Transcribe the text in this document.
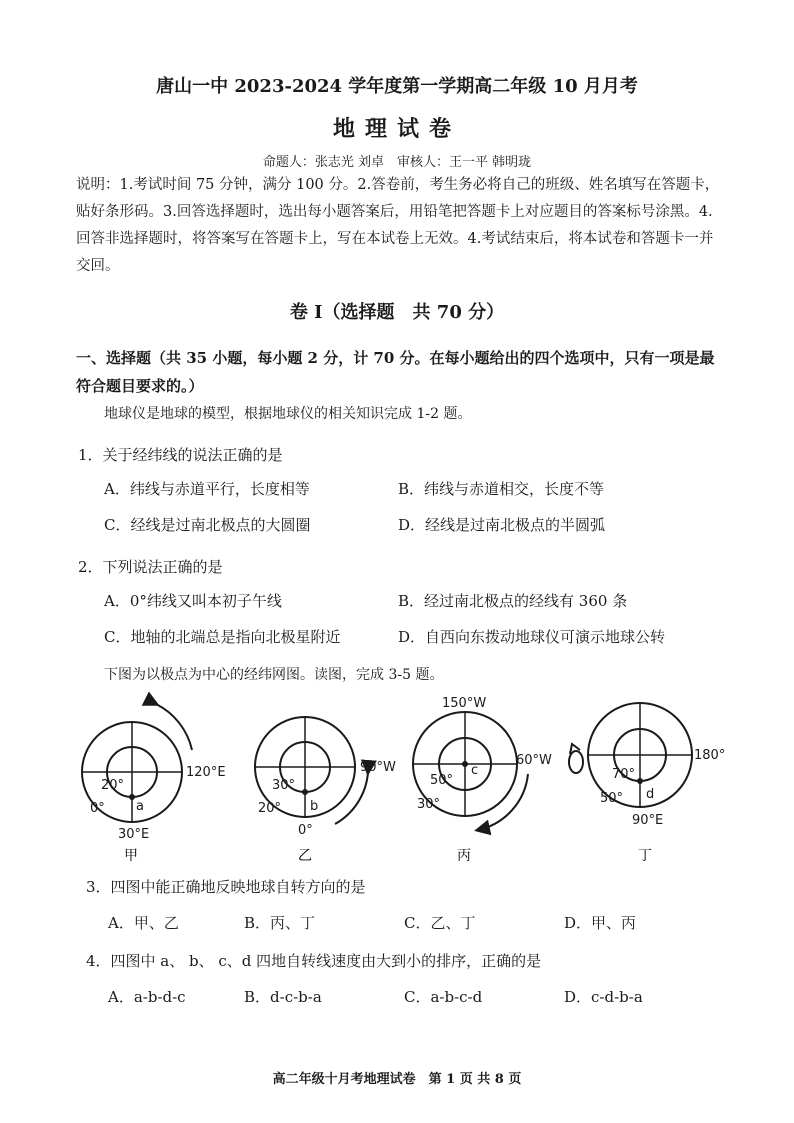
唐山一中 2023-2024 学年度第一学期高二年级 10 月月考
地理试卷
命题人：张志光 刘卓　审核人：王一平 韩明珑
说明：1.考试时间 75 分钟，满分 100 分。2.答卷前，考生务必将自己的班级、姓名填写在答题卡，贴好条形码。3.回答选择题时，选出每小题答案后，用铅笔把答题卡上对应题目的答案标号涂黑。4.回答非选择题时，将答案写在答题卡上，写在本试卷上无效。4.考试结束后，将本试卷和答题卡一并交回。
卷 I（选择题　共 70 分）
一、选择题（共 35 小题，每小题 2 分，计 70 分。在每小题给出的四个选项中，只有一项是最符合题目要求的。）
地球仪是地球的模型，根据地球仪的相关知识完成 1-2 题。
1．关于经纬线的说法正确的是
A．纬线与赤道平行，长度相等	B．纬线与赤道相交，长度不等
C．经线是过南北极点的大圆圈	D．经线是过南北极点的半圆弧
2．下列说法正确的是
A．0°纬线又叫本初子午线	B．经过南北极点的经线有 360 条
C．地轴的北端总是指向北极星附近	D．自西向东拨动地球仪可演示地球公转
下图为以极点为中心的经纬网图。读图，完成 3-5 题。
20°
0° a
30°E
120°E
甲
30°
20° b
0°
90°W
乙
150°W
60°W
c
50°
30°
丙
180°
70°
50° d
90°E
丁
3．四图中能正确地反映地球自转方向的是
A．甲、乙	B．丙、丁	C．乙、丁	D．甲、丙
4．四图中 a、 b、 c、d 四地自转线速度由大到小的排序，正确的是
A．a-b-d-c	B．d-c-b-a	C．a-b-c-d	D．c-d-b-a
高二年级十月考地理试卷　第 1 页 共 8 页
